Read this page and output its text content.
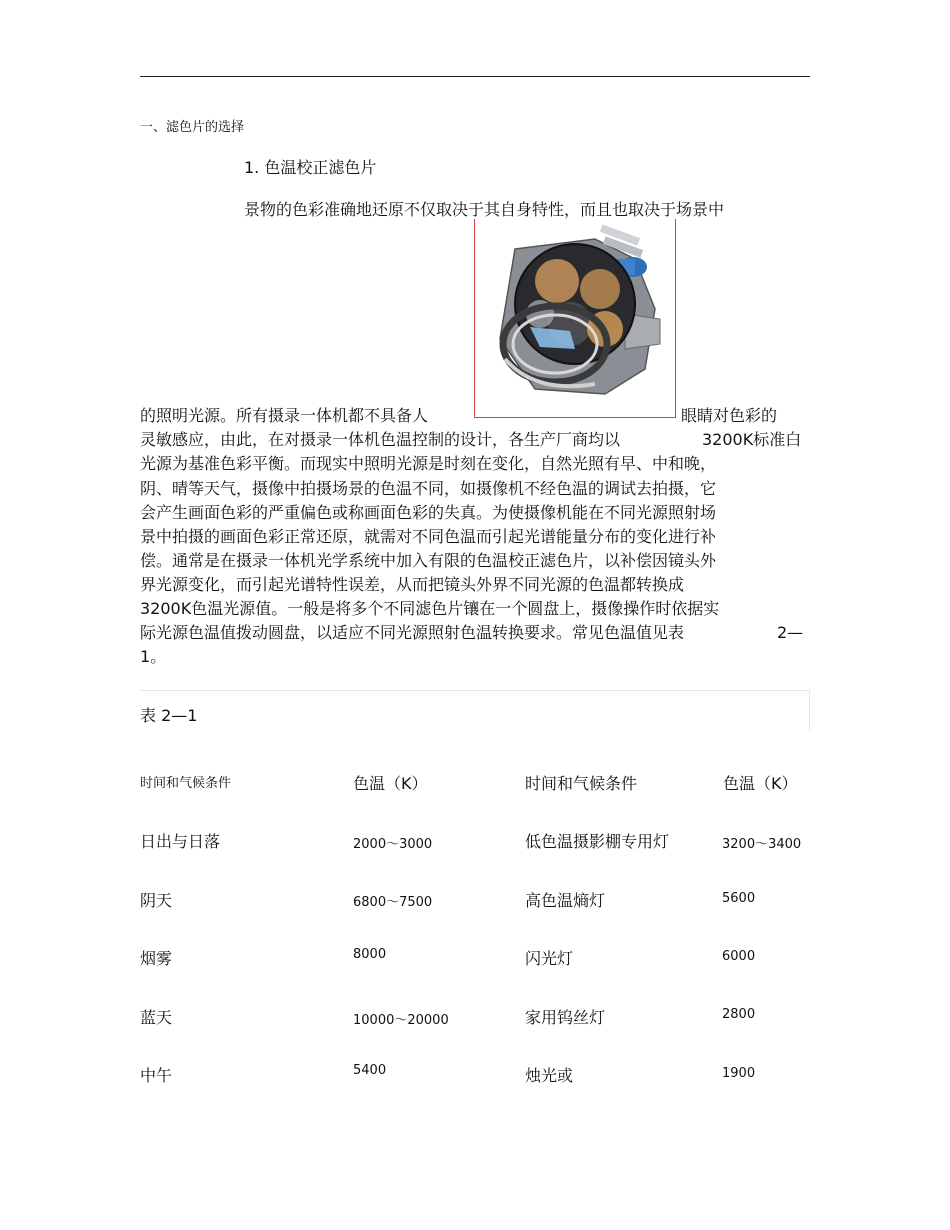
一、滤色片的选择
1. 色温校正滤色片
景物的色彩准确地还原不仅取决于其自身特性，而且也取决于场景中
的照明光源。所有摄录一体机都不具备人	眼睛对色彩的
灵敏感应，由此，在对摄录一体机色温控制的设计，各生产厂商均以	3200K标准白
光源为基准色彩平衡。而现实中照明光源是时刻在变化，自然光照有早、中和晚，
阴、晴等天气，摄像中拍摄场景的色温不同，如摄像机不经色温的调试去拍摄，它
会产生画面色彩的严重偏色或称画面色彩的失真。为使摄像机能在不同光源照射场
景中拍摄的画面色彩正常还原，就需对不同色温而引起光谱能量分布的变化进行补
偿。通常是在摄录一体机光学系统中加入有限的色温校正滤色片，以补偿因镜头外
界光源变化，而引起光谱特性误差，从而把镜头外界不同光源的色温都转换成
3200K色温光源值。一般是将多个不同滤色片镶在一个圆盘上，摄像操作时依据实
际光源色温值拨动圆盘，以适应不同光源照射色温转换要求。常见色温值见表	2—
1。
表 2—1
时间和气候条件	色温（K）	时间和气候条件	色温（K）
日出与日落	2000～3000	低色温摄影棚专用灯	3200～3400
阴天	6800～7500	高色温熵灯	5600
烟雾	8000	闪光灯	6000
蓝天	10000～20000	家用钨丝灯	2800
中午	5400	烛光或	1900
